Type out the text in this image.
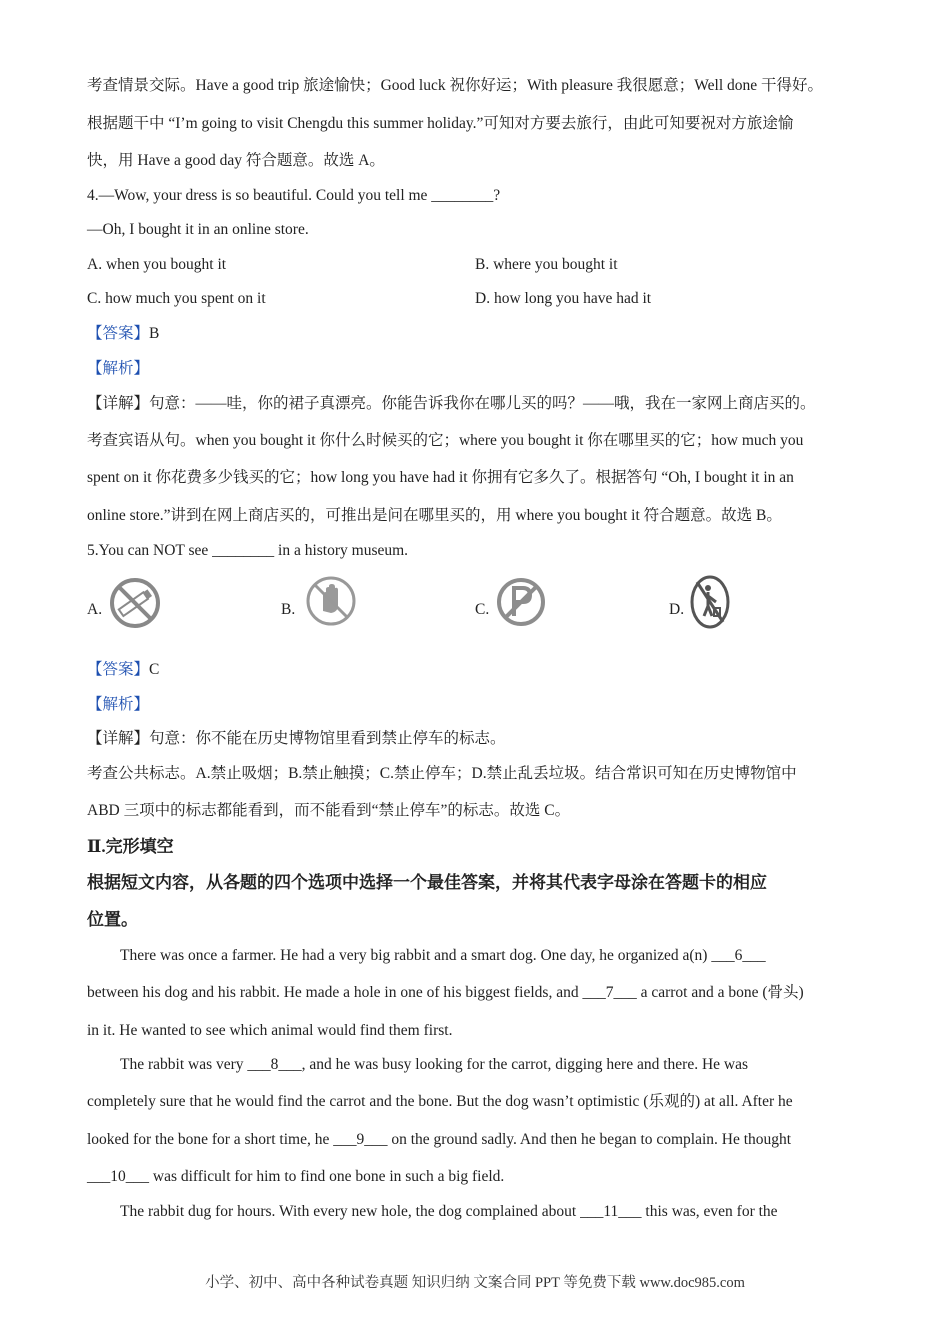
考查情景交际。Have a good trip 旅途愉快；Good luck 祝你好运；With pleasure 我很愿意；Well done 干得好。
根据题干中 “I’m going to visit Chengdu this summer holiday.”可知对方要去旅行，由此可知要祝对方旅途愉
快，用 Have a good day 符合题意。故选 A。
4.—Wow, your dress is so beautiful. Could you tell me ________?
—Oh, I bought it in an online store.
A. when you bought it	B. where you bought it
C. how much you spent on it	D. how long you have had it
【答案】B
【解析】
【详解】句意：——哇，你的裙子真漂亮。你能告诉我你在哪儿买的吗？——哦，我在一家网上商店买的。
考查宾语从句。when you bought it 你什么时候买的它；where you bought it 你在哪里买的它；how much you
spent on it 你花费多少钱买的它；how long you have had it 你拥有它多久了。根据答句 “Oh, I bought it in an
online store.”讲到在网上商店买的，可推出是问在哪里买的，用 where you bought it 符合题意。故选 B。
5.You can NOT see ________ in a history museum.
A.	B.	C.	D.
【答案】C
【解析】
【详解】句意：你不能在历史博物馆里看到禁止停车的标志。
考查公共标志。A.禁止吸烟；B.禁止触摸；C.禁止停车；D.禁止乱丢垃圾。结合常识可知在历史博物馆中
ABD 三项中的标志都能看到，而不能看到“禁止停车”的标志。故选 C。
Ⅱ.完形填空
根据短文内容，从各题的四个选项中选择一个最佳答案，并将其代表字母涂在答题卡的相应
位置。
There was once a farmer. He had a very big rabbit and a smart dog. One day, he organized a(n) ___6___
between his dog and his rabbit. He made a hole in one of his biggest fields, and ___7___ a carrot and a bone (骨头)
in it. He wanted to see which animal would find them first.
The rabbit was very ___8___, and he was busy looking for the carrot, digging here and there. He was
completely sure that he would find the carrot and the bone. But the dog wasn’t optimistic (乐观的) at all. After he
looked for the bone for a short time, he ___9___ on the ground sadly. And then he began to complain. He thought
___10___ was difficult for him to find one bone in such a big field.
The rabbit dug for hours. With every new hole, the dog complained about ___11___ this was, even for the
小学、初中、高中各种试卷真题 知识归纳 文案合同 PPT 等免费下载 www.doc985.com
